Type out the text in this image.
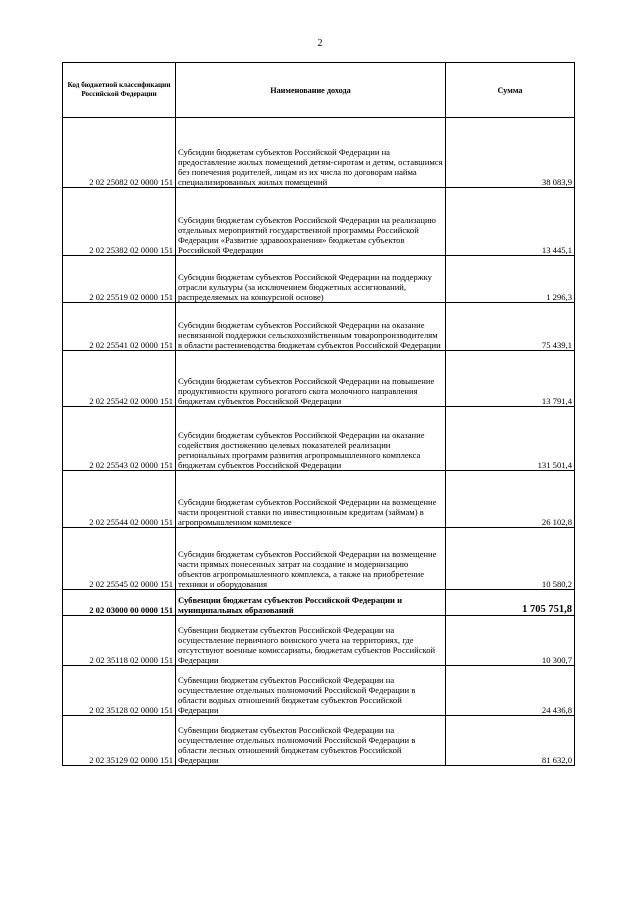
2
Код бюджетной классификации Российской Федерации	Наименование дохода	Сумма
2 02 25082 02 0000 151	Субсидии бюджетам субъектов Российской Федерации на предоставление жилых помещений детям-сиротам и детям, оставшимся без попечения родителей, лицам из их числа по договорам найма специализированных жилых помещений	38 083,9
2 02 25382 02 0000 151	Субсидии бюджетам субъектов Российской Федерации на реализацию отдельных мероприятий государственной программы Российской Федерации «Развитие здравоохранения» бюджетам субъектов Российской Федерации	13 445,1
2 02 25519 02 0000 151	Субсидии бюджетам субъектов Российской Федерации на поддержку отрасли культуры (за исключением бюджетных ассигнований, распределяемых на конкурсной основе)	1 296,3
2 02 25541 02 0000 151	Субсидии бюджетам субъектов Российской Федерации на оказание несвязанной поддержки сельскохозяйственным товаропроизводителям в области растениеводства бюджетам субъектов Российской Федерации	75 439,1
2 02 25542 02 0000 151	Субсидии бюджетам субъектов Российской Федерации на повышение продуктивности крупного рогатого скота молочного направления бюджетам субъектов Российской Федерации	13 791,4
2 02 25543 02 0000 151	Субсидии бюджетам субъектов Российской Федерации на оказание содействия достижению целевых показателей реализации региональных программ развития агропромышленного комплекса бюджетам субъектов Российской Федерации	131 501,4
2 02 25544 02 0000 151	Субсидии бюджетам субъектов Российской Федерации на возмещение части процентной ставки по инвестиционным кредитам (займам) в агропромышленном комплексе	26 102,8
2 02 25545 02 0000 151	Субсидии бюджетам субъектов Российской Федерации на возмещение части прямых понесенных затрат на создание и модернизацию объектов агропромышленного комплекса, а также на приобретение техники и оборудования	10 580,2
2 02 03000 00 0000 151	Субвенции бюджетам субъектов Российской Федерации и муниципальных образований	1 705 751,8
2 02 35118 02 0000 151	Субвенции бюджетам субъектов Российской Федерации на осуществление первичного воинского учета на территориях, где отсутствуют военные комиссариаты, бюджетам субъектов Российской Федерации	10 300,7
2 02 35128 02 0000 151	Субвенции бюджетам субъектов Российской Федерации на осуществление отдельных полномочий Российской Федерации в области водных отношений бюджетам субъектов Российской Федерации	24 436,8
2 02 35129 02 0000 151	Субвенции бюджетам субъектов Российской Федерации на осуществление отдельных полномочий Российской Федерации в области лесных отношений бюджетам субъектов Российской Федерации	81 632,0
